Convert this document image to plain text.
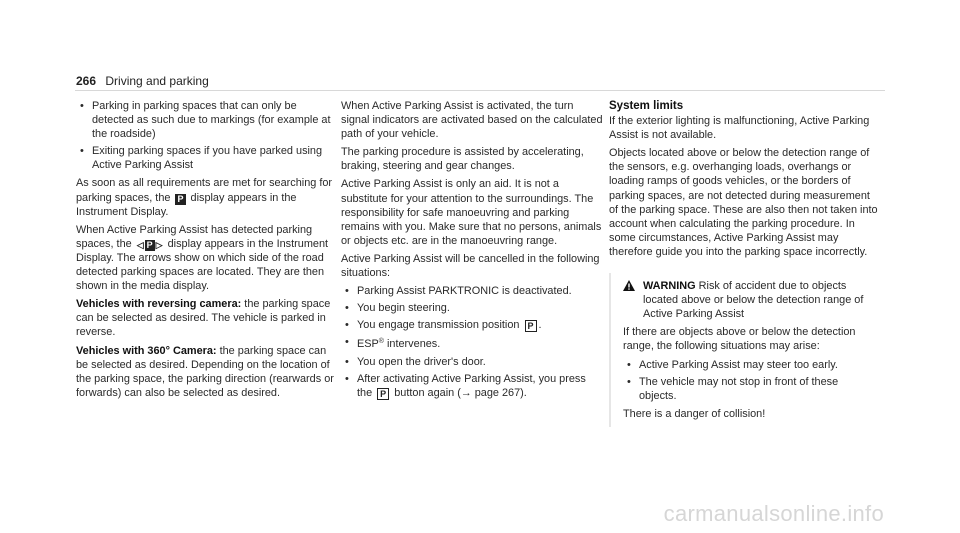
266 Driving and parking
• Parking in parking spaces that can only be detected as such due to markings (for example at the roadside)
• Exiting parking spaces if you have parked using Active Parking Assist

As soon as all requirements are met for searching for parking spaces, the P display appears in the Instrument Display.

When Active Parking Assist has detected parking spaces, the ◁ P ▷ display appears in the Instrument Display. The arrows show on which side of the road detected parking spaces are located. They are then shown in the media display.

Vehicles with reversing camera: the parking space can be selected as desired. The vehicle is parked in reverse.

Vehicles with 360° Camera: the parking space can be selected as desired. Depending on the location of the parking space, the parking direction (rearwards or forwards) can also be selected as desired.

When Active Parking Assist is activated, the turn signal indicators are activated based on the calculated path of your vehicle.

The parking procedure is assisted by accelerating, braking, steering and gear changes.

Active Parking Assist is only an aid. It is not a substitute for your attention to the surroundings. The responsibility for safe manoeuvring and parking remains with you. Make sure that no persons, animals or objects etc. are in the manoeuvring range.

Active Parking Assist will be cancelled in the following situations:

• Parking Assist PARKTRONIC is deactivated.
• You begin steering.
• You engage transmission position P .
• ESP® intervenes.
• You open the driver's door.
• After activating Active Parking Assist, you press the P button again (→ page 267).
System limits

If the exterior lighting is malfunctioning, Active Parking Assist is not available.

Objects located above or below the detection range of the sensors, e.g. overhanging loads, overhangs or loading ramps of goods vehicles, or the borders of parking spaces, are not detected during measurement of the parking space. These are also then not taken into account when calculating the parking procedure. In some circumstances, Active Parking Assist may therefore guide you into the parking space incorrectly.

WARNING Risk of accident due to objects located above or below the detection range of Active Parking Assist

If there are objects above or below the detection range, the following situations may arise:

• Active Parking Assist may steer too early.
• The vehicle may not stop in front of these objects.

There is a danger of collision!

carmanualsonline.info
